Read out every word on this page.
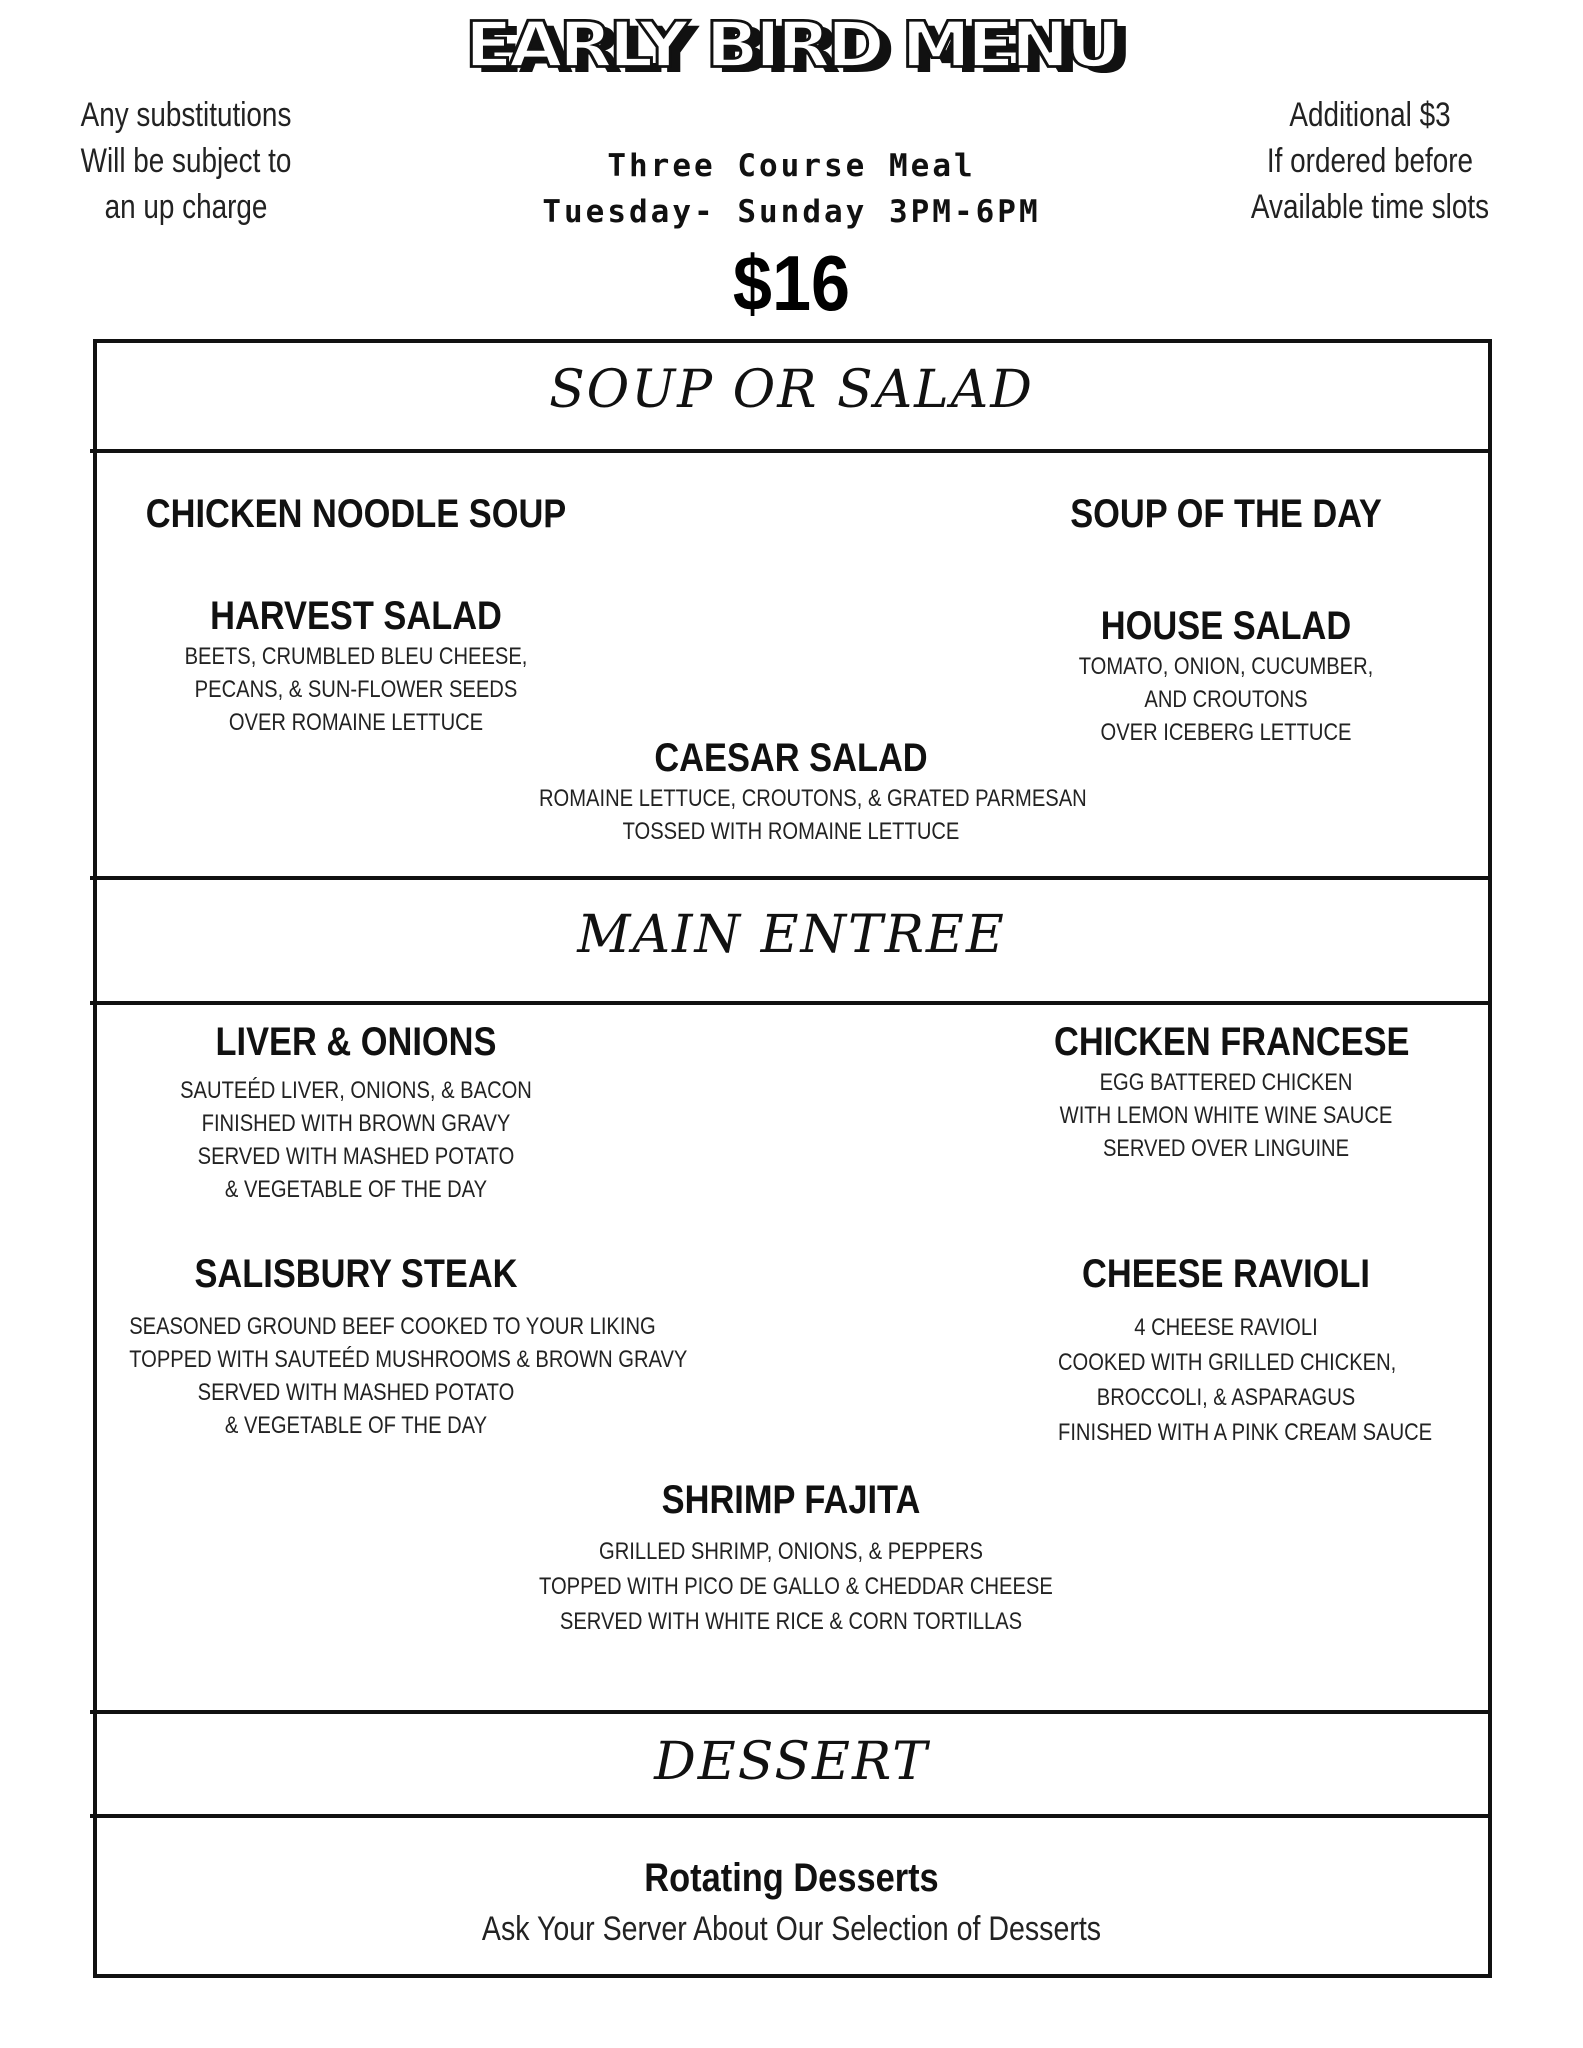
EARLY BIRD MENU
Any substitutions
Will be subject to
an up charge
Additional $3
If ordered before
Available time slots
Three Course Meal
Tuesday- Sunday 3PM-6PM
$16
SOUP OR SALAD
CHICKEN NOODLE SOUP	SOUP OF THE DAY
HARVEST SALAD
BEETS, CRUMBLED BLEU CHEESE,
PECANS, & SUN-FLOWER SEEDS
OVER ROMAINE LETTUCE
HOUSE SALAD
TOMATO, ONION, CUCUMBER,
AND CROUTONS
OVER ICEBERG LETTUCE
CAESAR SALAD
ROMAINE LETTUCE, CROUTONS, & GRATED PARMESAN
TOSSED WITH ROMAINE LETTUCE
MAIN ENTREE
LIVER & ONIONS
SAUTEÉD LIVER, ONIONS, & BACON
FINISHED WITH BROWN GRAVY
SERVED WITH MASHED POTATO
& VEGETABLE OF THE DAY
CHICKEN FRANCESE
EGG BATTERED CHICKEN
WITH LEMON WHITE WINE SAUCE
SERVED OVER LINGUINE
SALISBURY STEAK
SEASONED GROUND BEEF COOKED TO YOUR LIKING
TOPPED WITH SAUTEÉD MUSHROOMS & BROWN GRAVY
SERVED WITH MASHED POTATO
& VEGETABLE OF THE DAY
CHEESE RAVIOLI
4 CHEESE RAVIOLI
COOKED WITH GRILLED CHICKEN,
BROCCOLI, & ASPARAGUS
FINISHED WITH A PINK CREAM SAUCE
SHRIMP FAJITA
GRILLED SHRIMP, ONIONS, & PEPPERS
TOPPED WITH PICO DE GALLO & CHEDDAR CHEESE
SERVED WITH WHITE RICE & CORN TORTILLAS
DESSERT
Rotating Desserts
Ask Your Server About Our Selection of Desserts
